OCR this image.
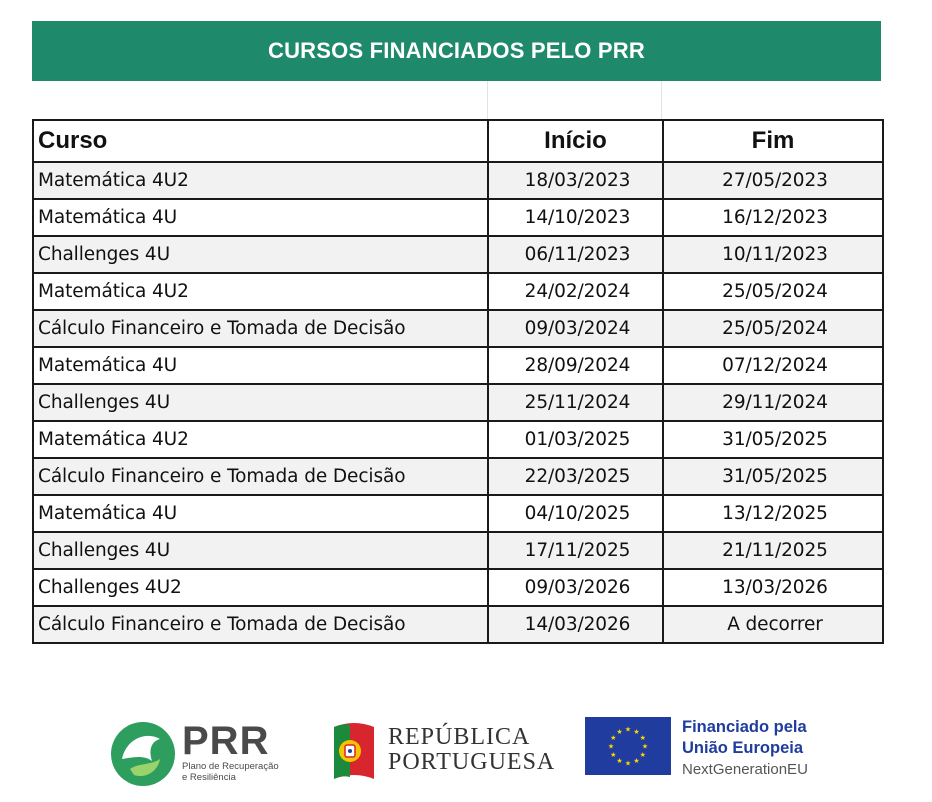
CURSOS FINANCIADOS PELO PRR
Curso	Início	Fim
Matemática 4U2	18/03/2023	27/05/2023
Matemática 4U	14/10/2023	16/12/2023
Challenges 4U	06/11/2023	10/11/2023
Matemática 4U2	24/02/2024	25/05/2024
Cálculo Financeiro e Tomada de Decisão	09/03/2024	25/05/2024
Matemática 4U	28/09/2024	07/12/2024
Challenges 4U	25/11/2024	29/11/2024
Matemática 4U2	01/03/2025	31/05/2025
Cálculo Financeiro e Tomada de Decisão	22/03/2025	31/05/2025
Matemática 4U	04/10/2025	13/12/2025
Challenges 4U	17/11/2025	21/11/2025
Challenges 4U2	09/03/2026	13/03/2026
Cálculo Financeiro e Tomada de Decisão	14/03/2026	A decorrer
PRR
Plano de Recuperação
e Resiliência
REPÚBLICA
PORTUGUESA
★
★
★
★
★
★
★
★
★ ★ ★
★
Financiado pela
União Europeia
NextGenerationEU
